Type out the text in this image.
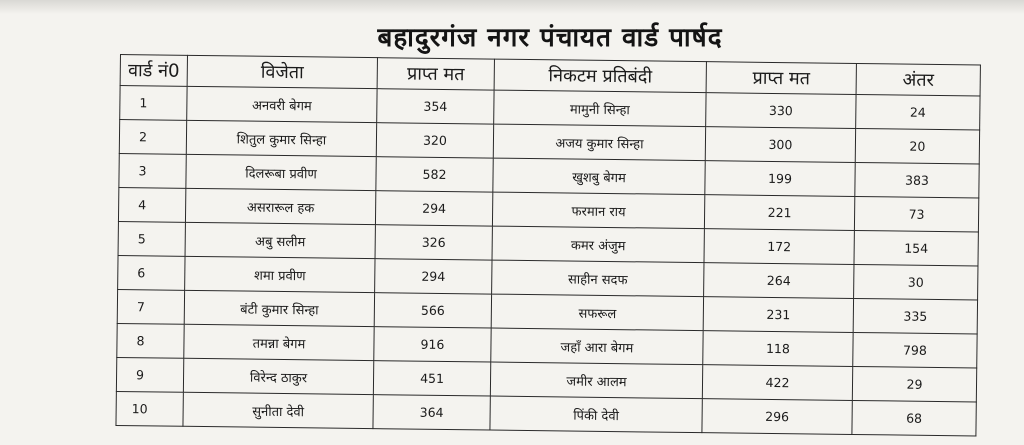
बहादुरगंज नगर पंचायत वार्ड पार्षद
वार्ड नं0	विजेता	प्राप्त मत	निकटम प्रतिबंदी	प्राप्त मत	अंतर
1	अनवरी बेगम	354	मामुनी सिन्हा	330	24
2	शितुल कुमार सिन्हा	320	अजय कुमार सिन्हा	300	20
3	दिलरूबा प्रवीण	582	खुशबु बेगम	199	383
4	असरारूल हक	294	फरमान राय	221	73
5	अबु सलीम	326	कमर अंजुम	172	154
6	शमा प्रवीण	294	साहीन सदफ	264	30
7	बंटी कुमार सिन्हा	566	सफरूल	231	335
8	तमन्ना बेगम	916	जहाँ आरा बेगम	118	798
9	विरेन्द ठाकुर	451	जमीर आलम	422	29
10	सुनीता देवी	364	पिंकी देवी	296	68
